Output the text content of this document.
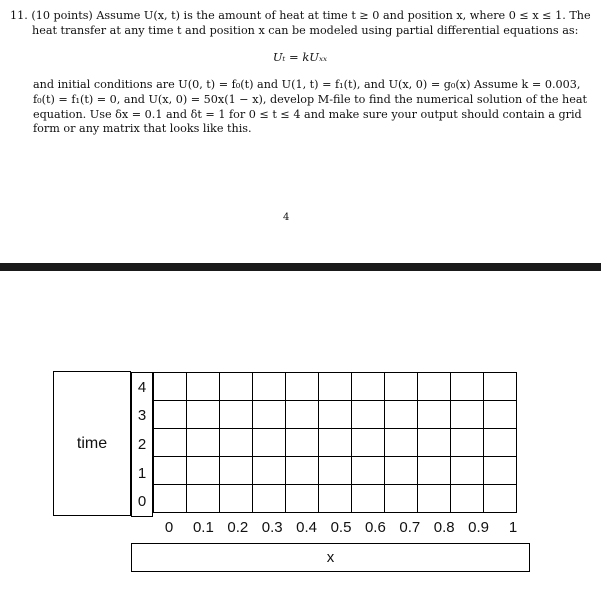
11. (10 points) Assume U(x, t) is the amount of heat at time t ≥ 0 and position x, where 0 ≤ x ≤ 1. The

heat transfer at any time t and position x can be modeled using partial differential equations as:

Uₜ = kUₓₓ
and initial conditions are U(0, t) = f₀(t) and U(1, t) = f₁(t), and U(x, 0) = g₀(x) Assume k = 0.003,
f₀(t) = f₁(t) = 0, and U(x, 0) = 50x(1 − x), develop M-file to find the numerical solution of the heat
equation. Use δx = 0.1 and δt = 1 for 0 ≤ t ≤ 4 and make sure your output should contain a grid
form or any matrix that looks like this.
4
time
4
3
2
1
0

0 0.1 0.2 0.3 0.4 0.5 0.6 0.7 0.8 0.9 1
x
